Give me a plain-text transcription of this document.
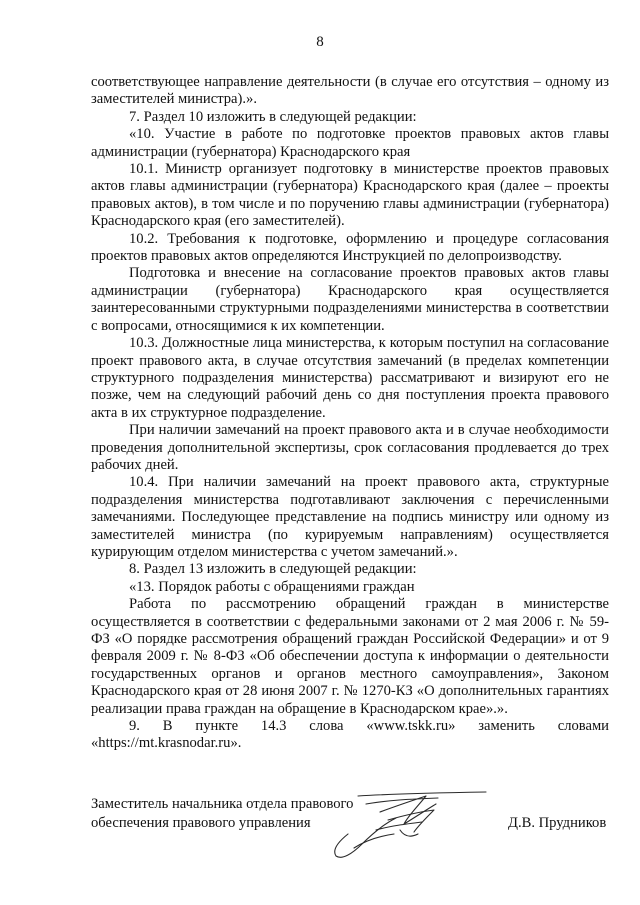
8

соответствующее направление деятельности (в случае его отсутствия – одному из заместителей министра).».

7. Раздел 10 изложить в следующей редакции:

«10. Участие в работе по подготовке проектов правовых актов главы администрации (губернатора) Краснодарского края

10.1. Министр организует подготовку в министерстве проектов правовых актов главы администрации (губернатора) Краснодарского края (далее – проекты правовых актов), в том числе и по поручению главы администрации (губернатора) Краснодарского края (его заместителей).

10.2. Требования к подготовке, оформлению и процедуре согласования проектов правовых актов определяются Инструкцией по делопроизводству.

Подготовка и внесение на согласование проектов правовых актов главы администрации (губернатора) Краснодарского края осуществляется заинтересованными структурными подразделениями министерства в соответствии с вопросами, относящимися к их компетенции.

10.3. Должностные лица министерства, к которым поступил на согласование проект правового акта, в случае отсутствия замечаний (в пределах компетенции структурного подразделения министерства) рассматривают и визируют его не позже, чем на следующий рабочий день со дня поступления проекта правового акта в их структурное подразделение.

При наличии замечаний на проект правового акта и в случае необходимости проведения дополнительной экспертизы, срок согласования продлевается до трех рабочих дней.

10.4. При наличии замечаний на проект правового акта, структурные подразделения министерства подготавливают заключения с перечисленными замечаниями. Последующее представление на подпись министру или одному из заместителей министра (по курируемым направлениям) осуществляется курирующим отделом министерства с учетом замечаний.».

8. Раздел 13 изложить в следующей редакции:

«13. Порядок работы с обращениями граждан

Работа по рассмотрению обращений граждан в министерстве осуществляется в соответствии с федеральными законами от 2 мая 2006 г. № 59-ФЗ «О порядке рассмотрения обращений граждан Российской Федерации» и от 9 февраля 2009 г. № 8-ФЗ «Об обеспечении доступа к информации о деятельности государственных органов и органов местного самоуправления», Законом Краснодарского края от 28 июня 2007 г. № 1270-КЗ «О дополнительных гарантиях реализации права граждан на обращение в Краснодарском крае».».

9. В пункте 14.3 слова «www.tskk.ru» заменить словами «https://mt.krasnodar.ru».

Заместитель начальника отдела правового
обеспечения правового управления	Д.В. Прудников
